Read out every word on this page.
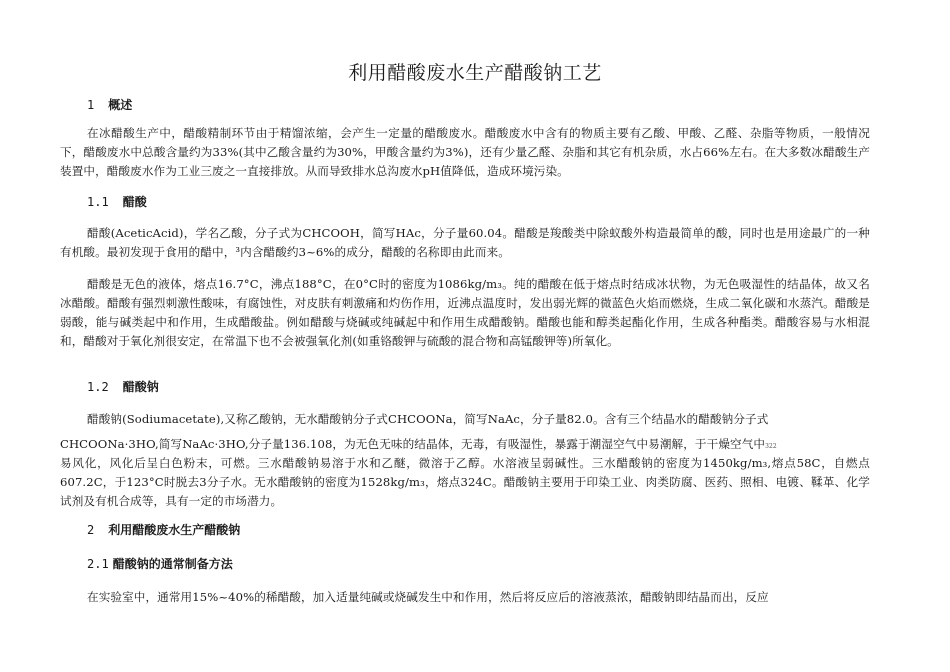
利用醋酸废水生产醋酸钠工艺
1 概述
在冰醋酸生产中，醋酸精制环节由于精馏浓缩，会产生一定量的醋酸废水。醋酸废水中含有的物质主要有乙酸、甲酸、乙醛、杂脂等物质，一般情况下，醋酸废水中总酸含量约为33%(其中乙酸含量约为30%，甲酸含量约为3%)，还有少量乙醛、杂脂和其它有机杂质，水占66%左右。在大多数冰醋酸生产装置中，醋酸废水作为工业三废之一直接排放。从而导致排水总沟废水pH值降低，造成环境污染。
1.1 醋酸
醋酸(AceticAcid)，学名乙酸，分子式为CHCOOH，简写HAc，分子量60.04。醋酸是羧酸类中除蚁酸外构造最简单的酸，同时也是用途最广的一种有机酸。最初发现于食用的醋中，³内含醋酸约3~6%的成分，醋酸的名称即由此而来。
醋酸是无色的液体，熔点16.7°C，沸点188°C，在0°C时的密度为1086kg/m₃。纯的醋酸在低于熔点时结成冰状物，为无色吸湿性的结晶体，故又名冰醋酸。醋酸有强烈刺激性酸味，有腐蚀性，对皮肤有刺激痛和灼伤作用，近沸点温度时，发出弱光辉的微蓝色火焰而燃烧，生成二氧化碳和水蒸汽。醋酸是弱酸，能与碱类起中和作用，生成醋酸盐。例如醋酸与烧碱或纯碱起中和作用生成醋酸钠。醋酸也能和醇类起酯化作用，生成各种酯类。醋酸容易与水相混和，醋酸对于氧化剂很安定，在常温下也不会被强氧化剂(如重铬酸钾与硫酸的混合物和高锰酸钾等)所氧化。
1.2 醋酸钠
醋酸钠(Sodiumacetate),又称乙酸钠，无水醋酸钠分子式CHCOONa，简写NaAc，分子量82.0。含有三个结晶水的醋酸钠分子式
CHCOONa·3HO,简写NaAc·3HO,分子量136.108，为无色无味的结晶体，无毒，有吸湿性，暴露于潮湿空气中易潮解，于干燥空气中322
易风化，风化后呈白色粉末，可燃。三水醋酸钠易溶于水和乙醚，微溶于乙醇。水溶液呈弱碱性。三水醋酸钠的密度为1450kg/m₃,熔点58C，自燃点607.2C，于123°C时脱去3分子水。无水醋酸钠的密度为1528kg/m₃，熔点324C。醋酸钠主要用于印染工业、肉类防腐、医药、照相、电镀、鞣革、化学试剂及有机合成等，具有一定的市场潜力。
2 利用醋酸废水生产醋酸钠
2.1 醋酸钠的通常制备方法
在实验室中，通常用15%~40%的稀醋酸，加入适量纯碱或烧碱发生中和作用，然后将反应后的溶液蒸浓，醋酸钠即结晶而出，反应
